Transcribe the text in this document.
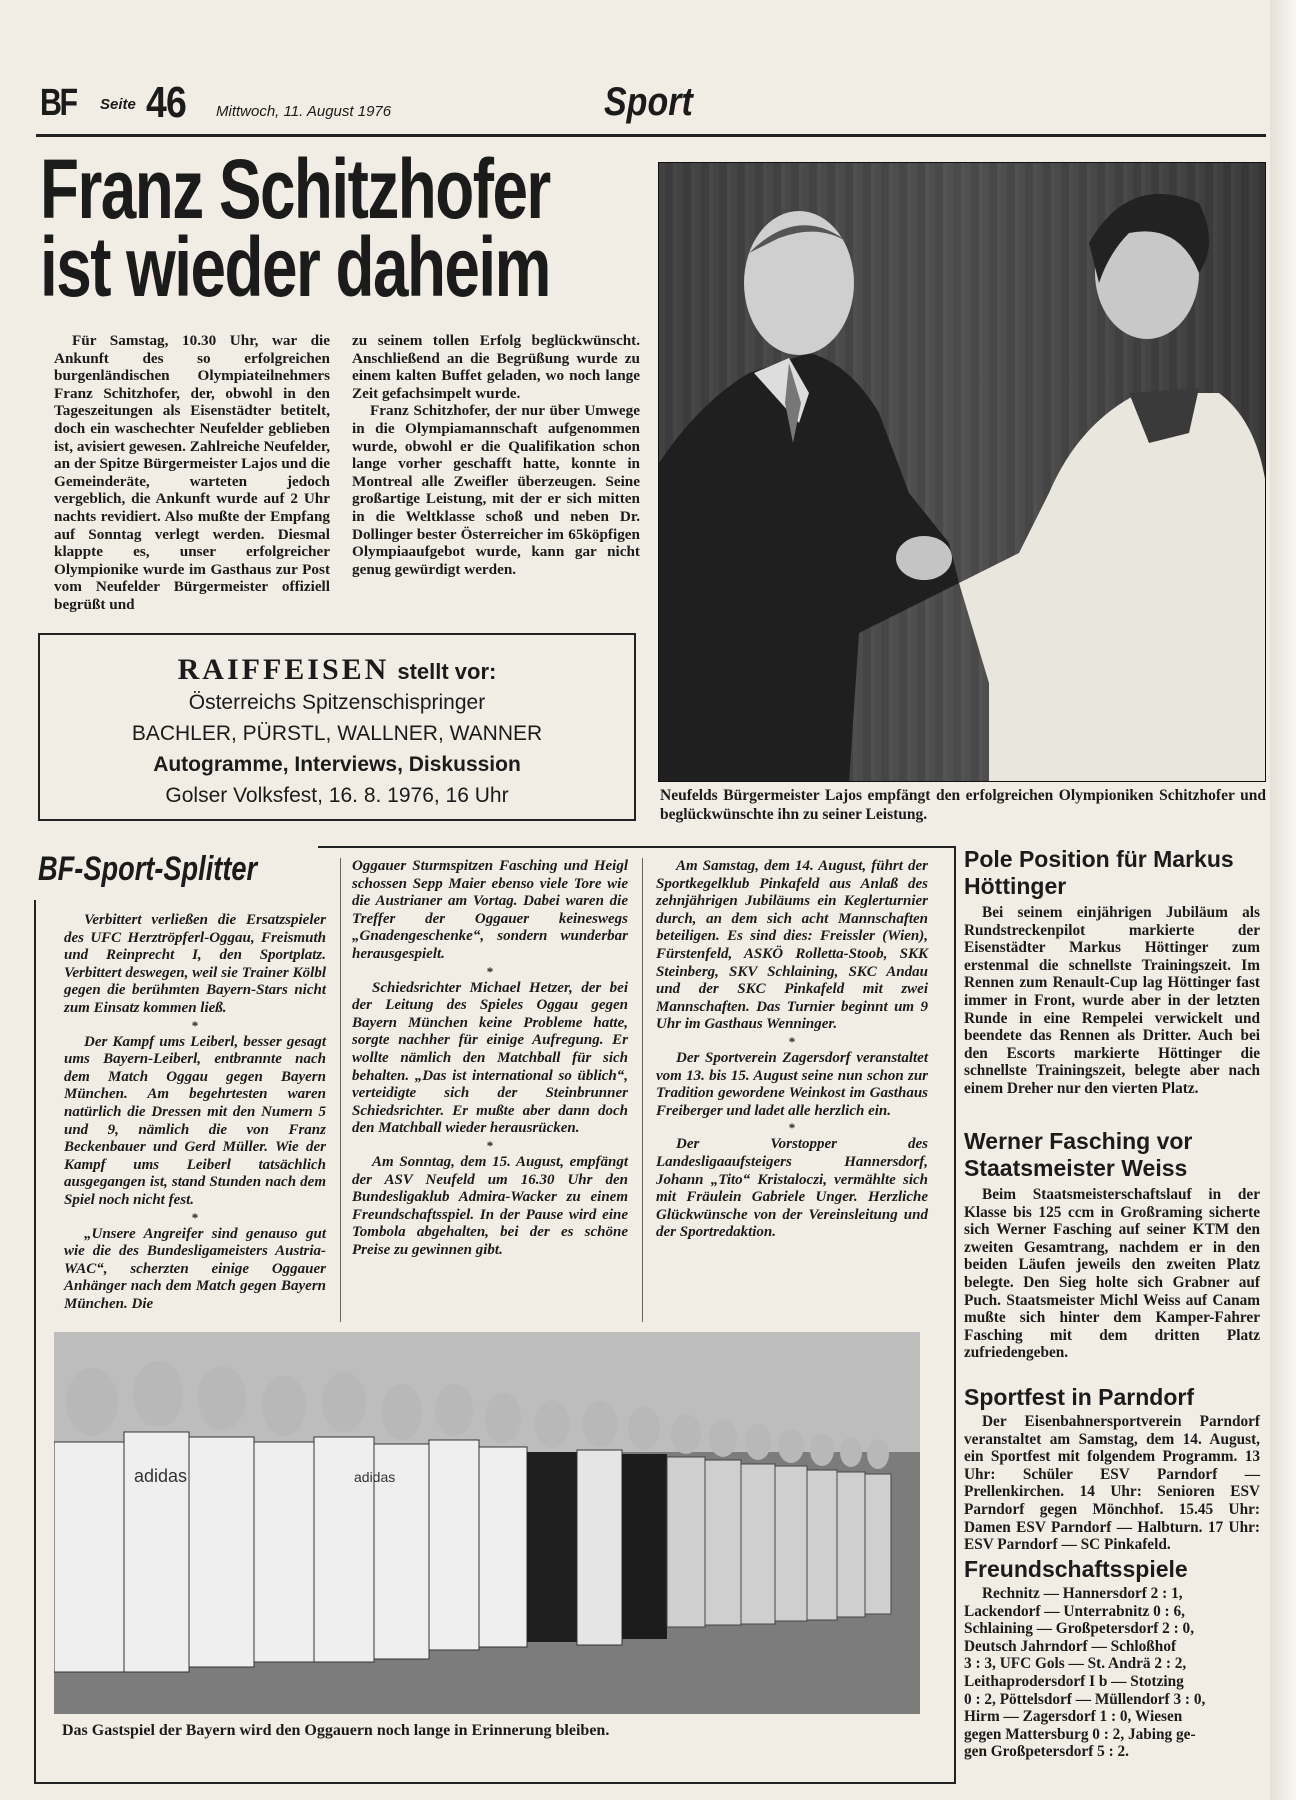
BF Seite 46 Mittwoch, 11. August 1976	Sport
Franz Schitzhofer
ist wieder daheim

Für Samstag, 10.30 Uhr, war die Ankunft des so erfolgreichen burgenländischen Olympiateilnehmers Franz Schitzhofer, der, obwohl in den Tageszeitungen als Eisenstädter betitelt, doch ein waschechter Neufelder geblieben ist, avisiert gewesen. Zahlreiche Neufelder, an der Spitze Bürgermeister Lajos und die Gemeinderäte, warteten jedoch vergeblich, die Ankunft wurde auf 2 Uhr nachts revidiert. Also mußte der Empfang auf Sonntag verlegt werden. Diesmal klappte es, unser erfolgreicher Olympionike wurde im Gasthaus zur Post vom Neufelder Bürgermeister offiziell begrüßt und

zu seinem tollen Erfolg beglückwünscht. Anschließend an die Begrüßung wurde zu einem kalten Buffet geladen, wo noch lange Zeit gefachsimpelt wurde.

Franz Schitzhofer, der nur über Umwege in die Olympiamannschaft aufgenommen wurde, obwohl er die Qualifikation schon lange vorher geschafft hatte, konnte in Montreal alle Zweifler überzeugen. Seine großartige Leistung, mit der er sich mitten in die Weltklasse schoß und neben Dr. Dollinger bester Österreicher im 65köpfigen Olympiaaufgebot wurde, kann gar nicht genug gewürdigt werden.

RAIFFEISEN stellt vor:
Österreichs Spitzenschispringer
BACHLER, PÜRSTL, WALLNER, WANNER
Autogramme, Interviews, Diskussion
Golser Volksfest, 16. 8. 1976, 16 Uhr	Neufelds Bürgermeister Lajos empfängt den erfolgreichen Olympioniken Schitzhofer und beglückwünschte ihn zu seiner Leistung.
BF-Sport-Splitter

Verbittert verließen die Ersatzspieler des UFC Herztröpferl-Oggau, Freismuth und Reinprecht I, den Sportplatz. Verbittert deswegen, weil sie Trainer Kölbl gegen die berühmten Bayern-Stars nicht zum Einsatz kommen ließ.

*

Der Kampf ums Leiberl, besser gesagt ums Bayern-Leiberl, entbrannte nach dem Match Oggau gegen Bayern München. Am begehrtesten waren natürlich die Dressen mit den Numern 5 und 9, nämlich die von Franz Beckenbauer und Gerd Müller. Wie der Kampf ums Leiberl tatsächlich ausgegangen ist, stand Stunden nach dem Spiel noch nicht fest.

*

„Unsere Angreifer sind genauso gut wie die des Bundesligameisters Austria-WAC“, scherzten einige Oggauer Anhänger nach dem Match gegen Bayern München. Die

Oggauer Sturmspitzen Fasching und Heigl schossen Sepp Maier ebenso viele Tore wie die Austrianer am Vortag. Dabei waren die Treffer der Oggauer keineswegs „Gnadengeschenke“, sondern wunderbar herausgespielt.

*

Schiedsrichter Michael Hetzer, der bei der Leitung des Spieles Oggau gegen Bayern München keine Probleme hatte, sorgte nachher für einige Aufregung. Er wollte nämlich den Matchball für sich behalten. „Das ist international so üblich“, verteidigte sich der Steinbrunner Schiedsrichter. Er mußte aber dann doch den Matchball wieder herausrücken.

*

Am Sonntag, dem 15. August, empfängt der ASV Neufeld um 16.30 Uhr den Bundesligaklub Admira-Wacker zu einem Freundschaftsspiel. In der Pause wird eine Tombola abgehalten, bei der es schöne Preise zu gewinnen gibt.

Am Samstag, dem 14. August, führt der Sportkegelklub Pinkafeld aus Anlaß des zehnjährigen Jubiläums ein Keglerturnier durch, an dem sich acht Mannschaften beteiligen. Es sind dies: Freissler (Wien), Fürstenfeld, ASKÖ Rolletta-Stoob, SKK Steinberg, SKV Schlaining, SKC Andau und der SKC Pinkafeld mit zwei Mannschaften. Das Turnier beginnt um 9 Uhr im Gasthaus Wenninger.

*

Der Sportverein Zagersdorf veranstaltet vom 13. bis 15. August seine nun schon zur Tradition gewordene Weinkost im Gasthaus Freiberger und ladet alle herzlich ein.

*

Der Vorstopper des Landesligaaufsteigers Hannersdorf, Johann „Tito“ Kristaloczi, vermählte sich mit Fräulein Gabriele Unger. Herzliche Glückwünsche von der Vereinsleitung und der Sportredaktion.

adidas	adidas
Das Gastspiel der Bayern wird den Oggauern noch lange in Erinnerung bleiben.
Pole Position für Markus Höttinger

Bei seinem einjährigen Jubiläum als Rundstreckenpilot markierte der Eisenstädter Markus Höttinger zum erstenmal die schnellste Trainingszeit. Im Rennen zum Renault-Cup lag Höttinger fast immer in Front, wurde aber in der letzten Runde in eine Rempelei verwickelt und beendete das Rennen als Dritter. Auch bei den Escorts markierte Höttinger die schnellste Trainingszeit, belegte aber nach einem Dreher nur den vierten Platz.

Werner Fasching vor Staatsmeister Weiss

Beim Staatsmeisterschaftslauf in der Klasse bis 125 ccm in Großraming sicherte sich Werner Fasching auf seiner KTM den zweiten Gesamtrang, nachdem er in den beiden Läufen jeweils den zweiten Platz belegte. Den Sieg holte sich Grabner auf Puch. Staatsmeister Michl Weiss auf Canam mußte sich hinter dem Kamper-Fahrer Fasching mit dem dritten Platz zufriedengeben.

Sportfest in Parndorf

Der Eisenbahnersportverein Parndorf veranstaltet am Samstag, dem 14. August, ein Sportfest mit folgendem Programm. 13 Uhr: Schüler ESV Parndorf — Prellenkirchen. 14 Uhr: Senioren ESV Parndorf gegen Mönchhof. 15.45 Uhr: Damen ESV Parndorf — Halbturn. 17 Uhr: ESV Parndorf — SC Pinkafeld.

Freundschaftsspiele
Rechnitz — Hannersdorf 2 : 1,
Lackendorf — Unterrabnitz 0 : 6,
Schlaining — Großpetersdorf 2 : 0,
Deutsch Jahrndorf — Schloßhof
3 : 3, UFC Gols — St. Andrä 2 : 2,
Leithaprodersdorf I b — Stotzing
0 : 2, Pöttelsdorf — Müllendorf 3 : 0,
Hirm — Zagersdorf 1 : 0, Wiesen
gegen Mattersburg 0 : 2, Jabing ge-
gen Großpetersdorf 5 : 2.
